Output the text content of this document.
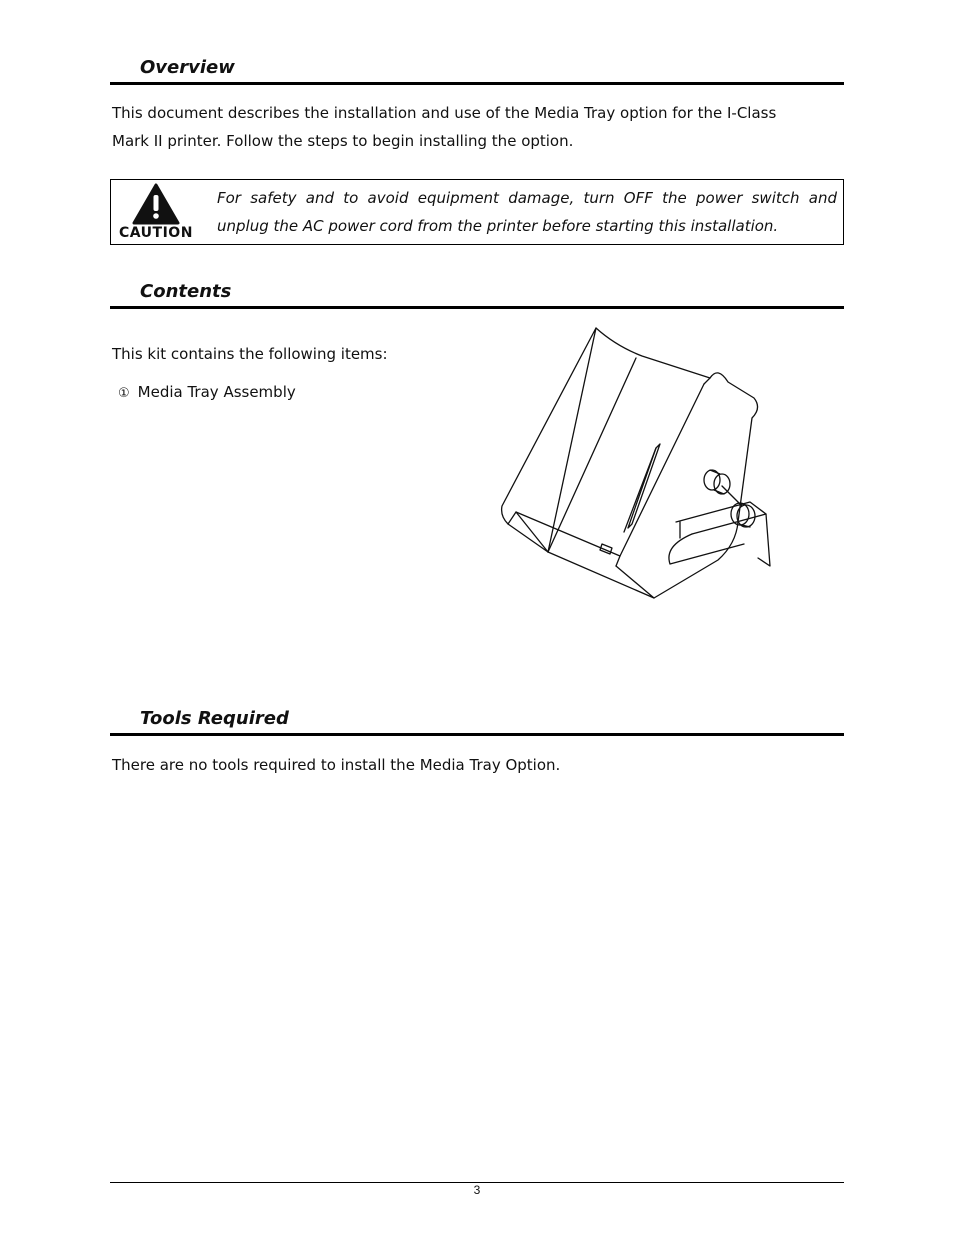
Overview

This document describes the installation and use of the Media Tray option for the I-Class

Mark II printer. Follow the steps to begin installing the option.

CAUTION

For safety and to avoid equipment damage, turn OFF the power switch and unplug the AC power cord from the printer before starting this installation.

Contents

This kit contains the following items:

① Media Tray Assembly
Tools Required

There are no tools required to install the Media Tray Option.

3
